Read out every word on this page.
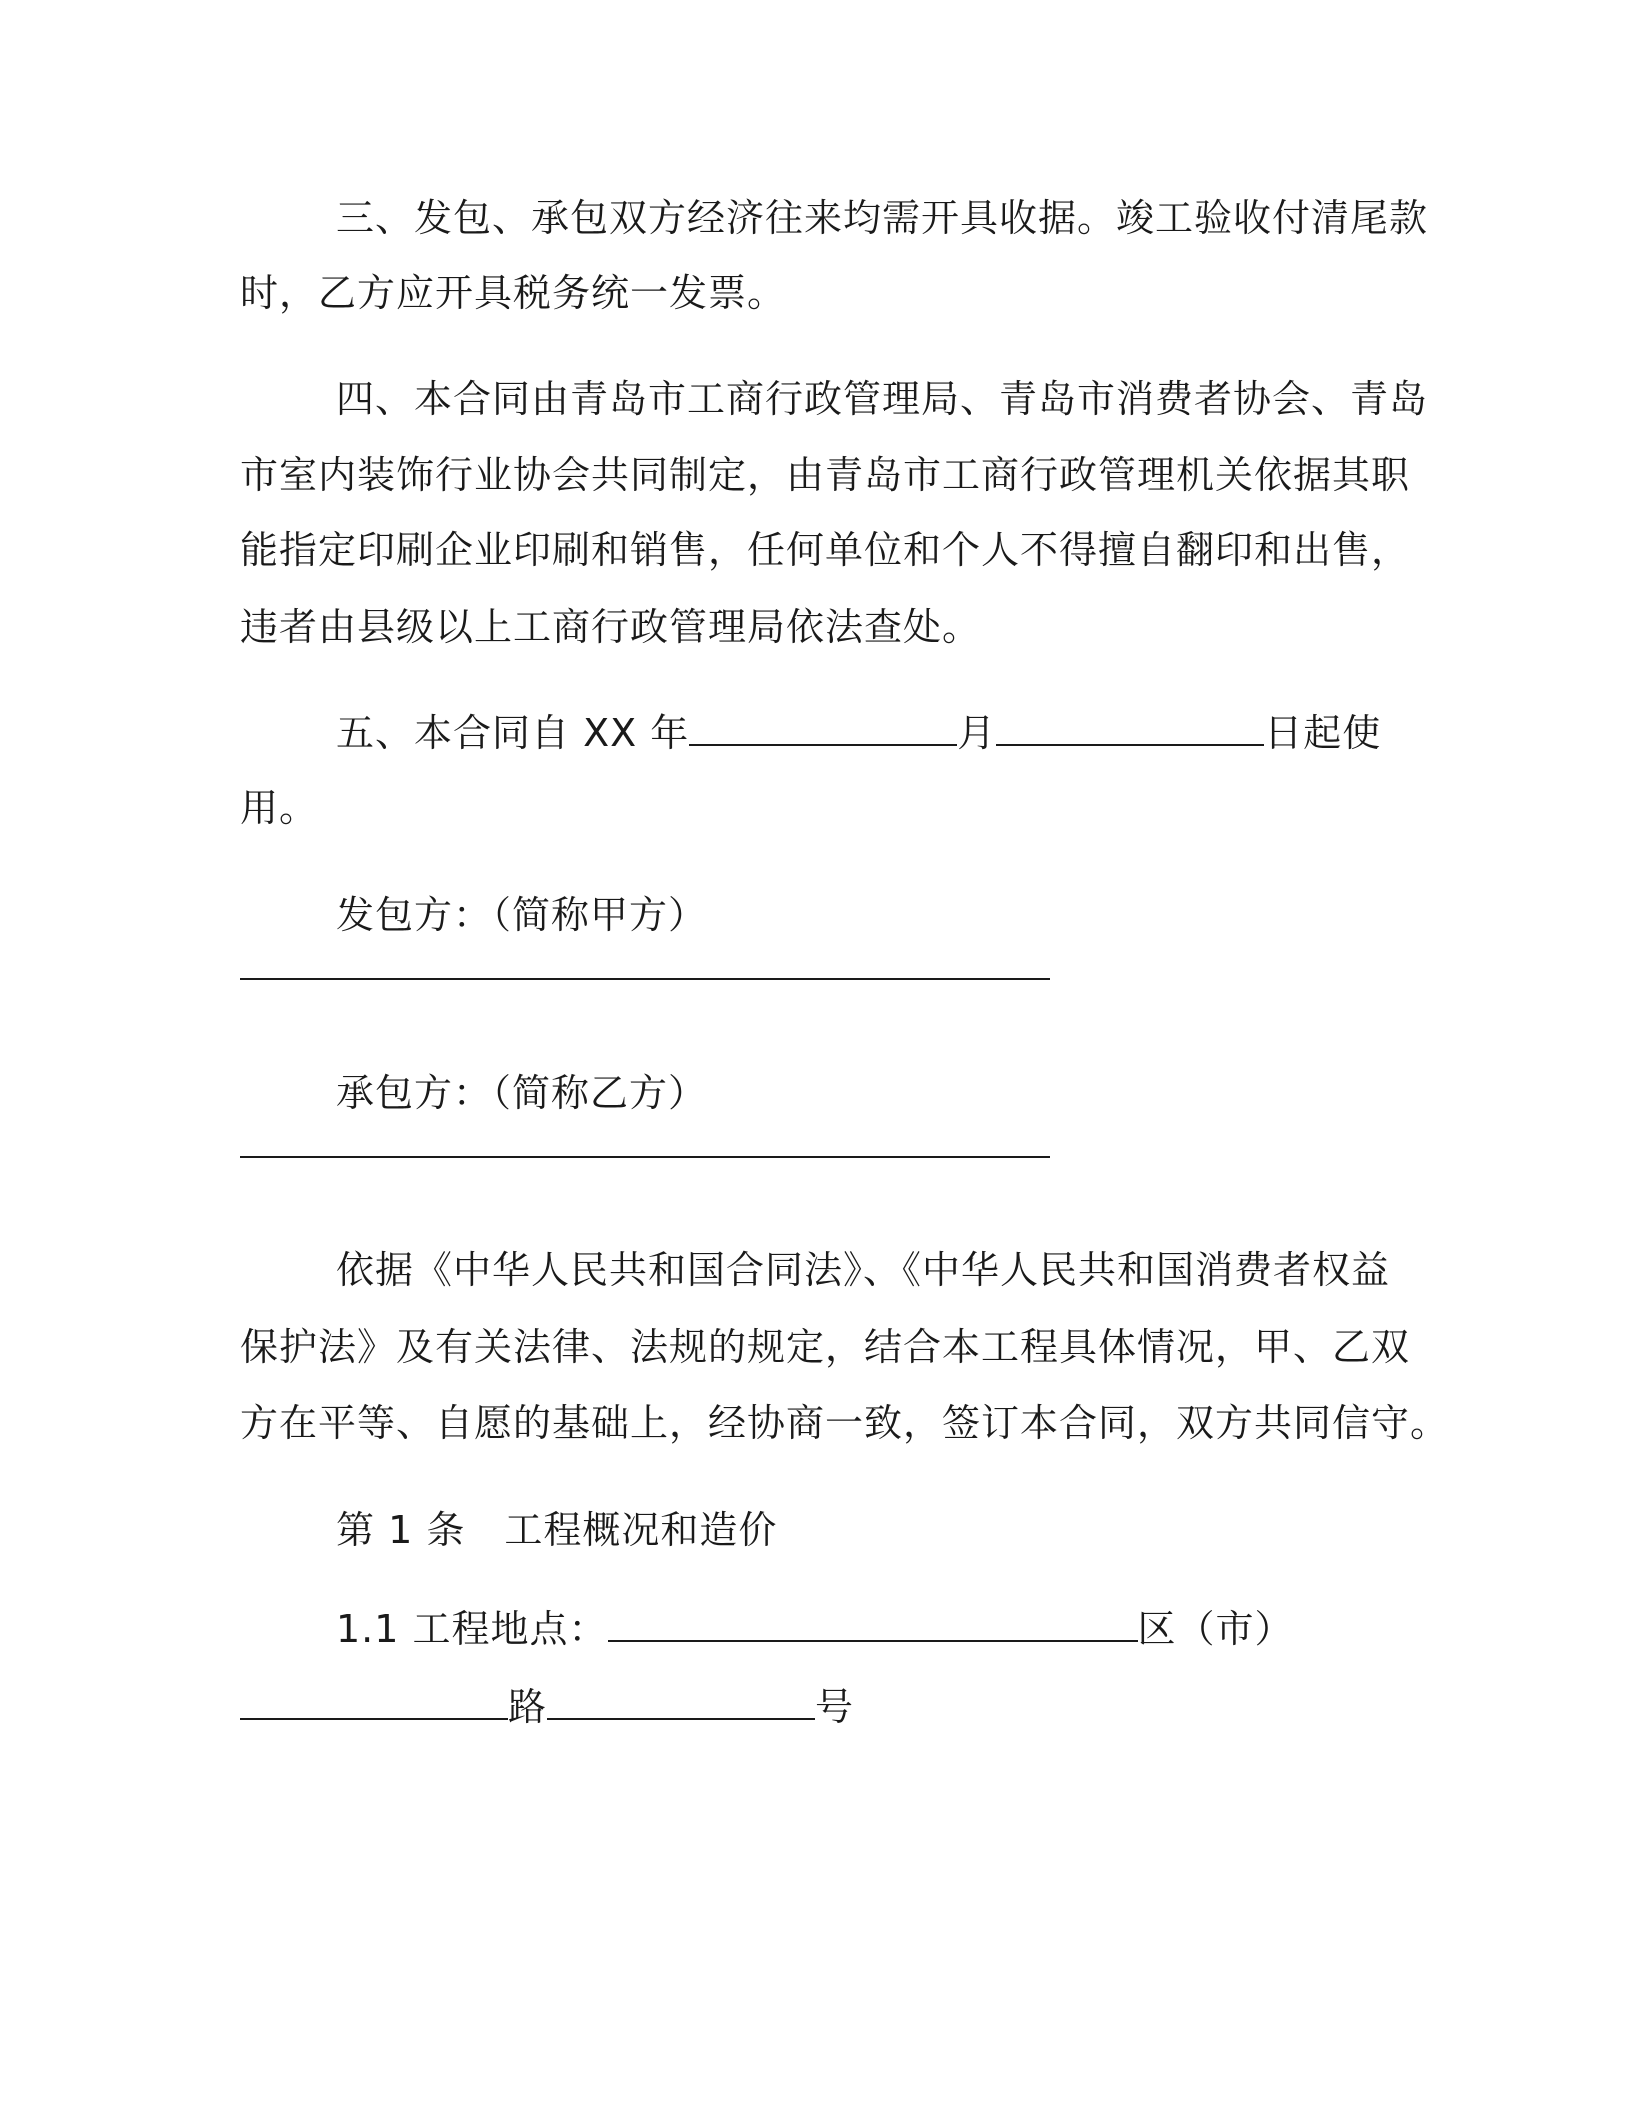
三、发包、承包双方经济往来均需开具收据。竣工验收付清尾款
时，乙方应开具税务统一发票。
四、本合同由青岛市工商行政管理局、青岛市消费者协会、青岛
市室内装饰行业协会共同制定，由青岛市工商行政管理机关依据其职
能指定印刷企业印刷和销售，任何单位和个人不得擅自翻印和出售，
违者由县级以上工商行政管理局依法查处。
五、本合同自 XX 年	月	日起使
用。
发包方：（简称甲方）
承包方：（简称乙方）
依据《中华人民共和国合同法》、《中华人民共和国消费者权益
保护法》及有关法律、法规的规定，结合本工程具体情况，甲、乙双
方在平等、自愿的基础上，经协商一致，签订本合同，双方共同信守。
第 1 条　工程概况和造价
1.1 工程地点：	区（市）
路	号
